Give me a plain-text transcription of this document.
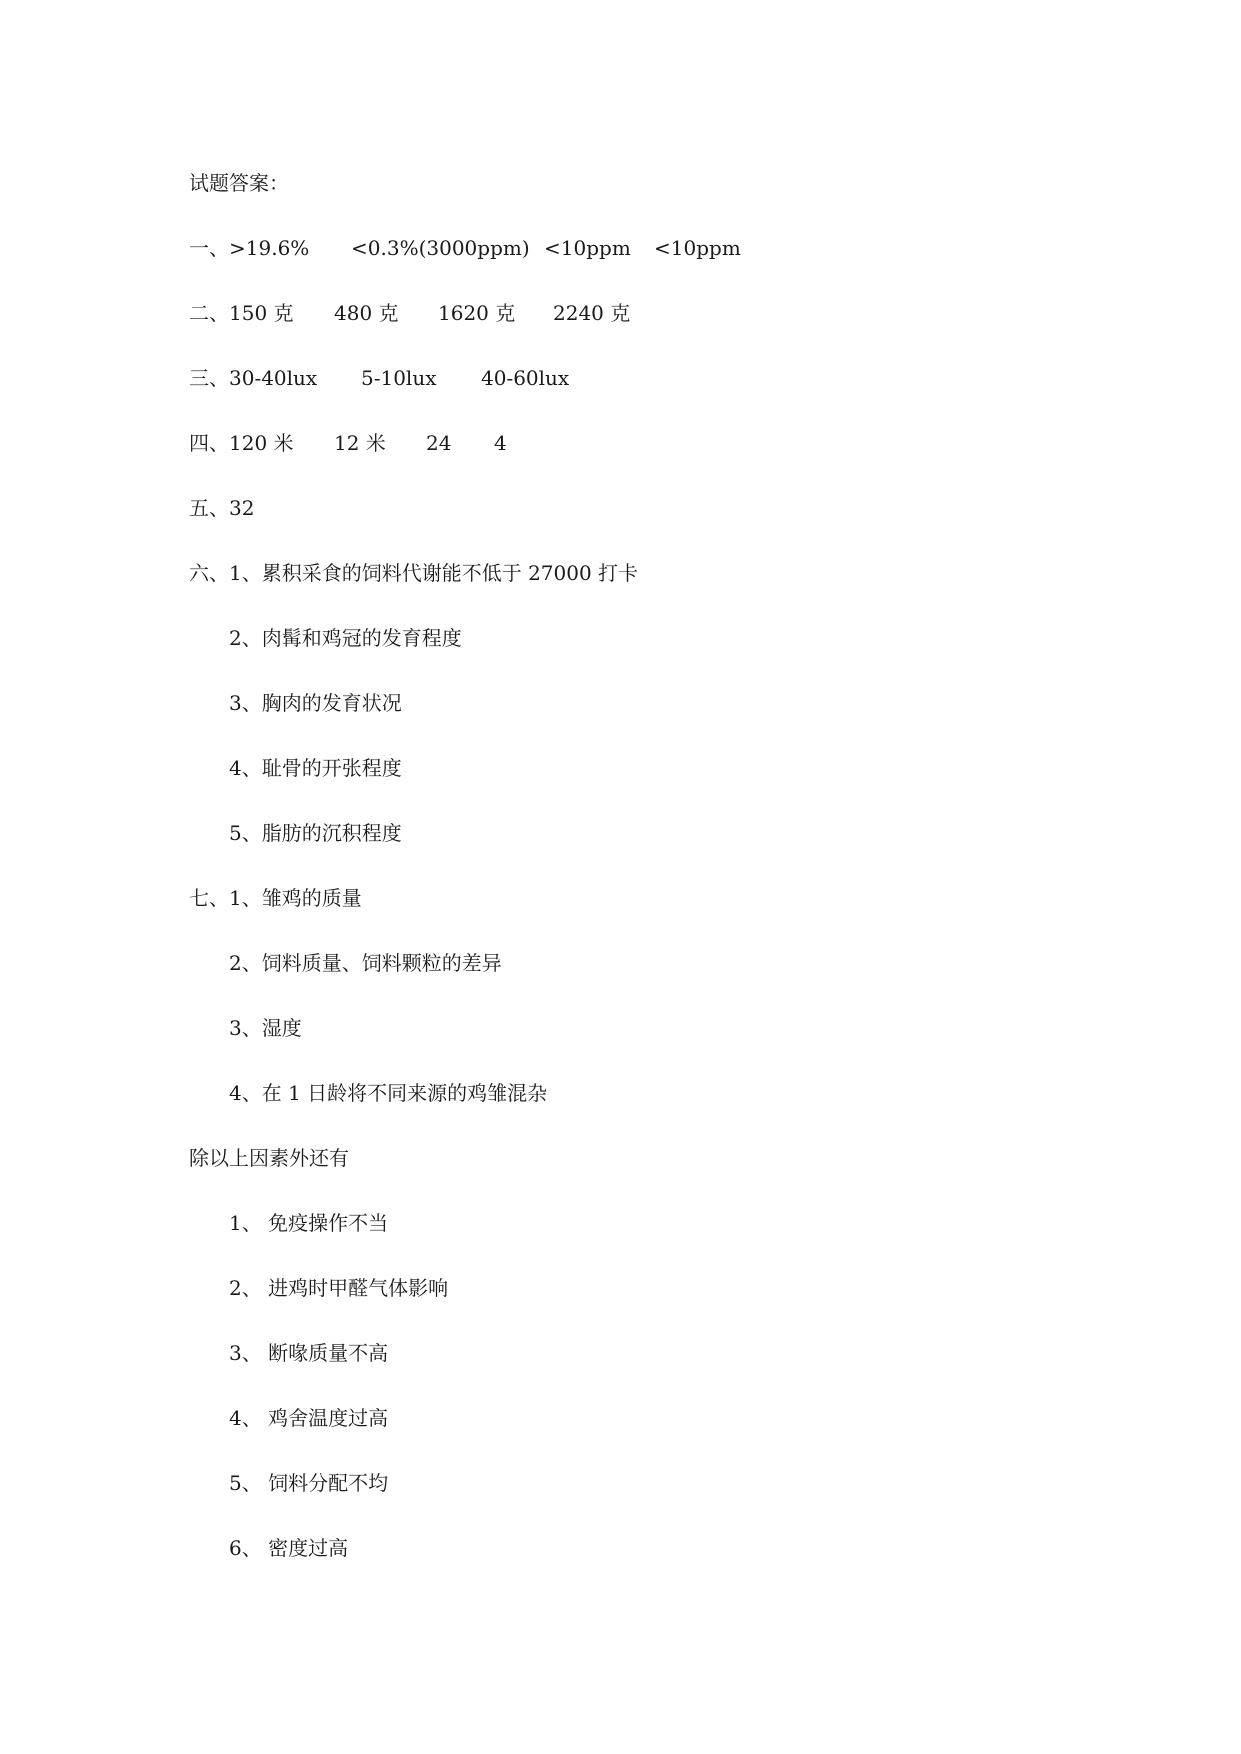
试题答案：
一、 >19.6% <0.3%(3000ppm) <10ppm <10ppm
二、 150 克 480 克 1620 克 2240 克
三、 30-40lux 5-10lux 40-60lux
四、 120 米 12 米 24 4
五、 32
六、 1、累积采食的饲料代谢能不低于 27000 打卡
2、肉髯和鸡冠的发育程度
3、胸肉的发育状况
4、耻骨的开张程度
5、脂肪的沉积程度
七、 1、雏鸡的质量
2、饲料质量、饲料颗粒的差异
3、湿度
4、在 1 日龄将不同来源的鸡雏混杂
除以上因素外还有
1、 免疫操作不当
2、 进鸡时甲醛气体影响
3、 断喙质量不高
4、 鸡舍温度过高
5、 饲料分配不均
6、 密度过高
